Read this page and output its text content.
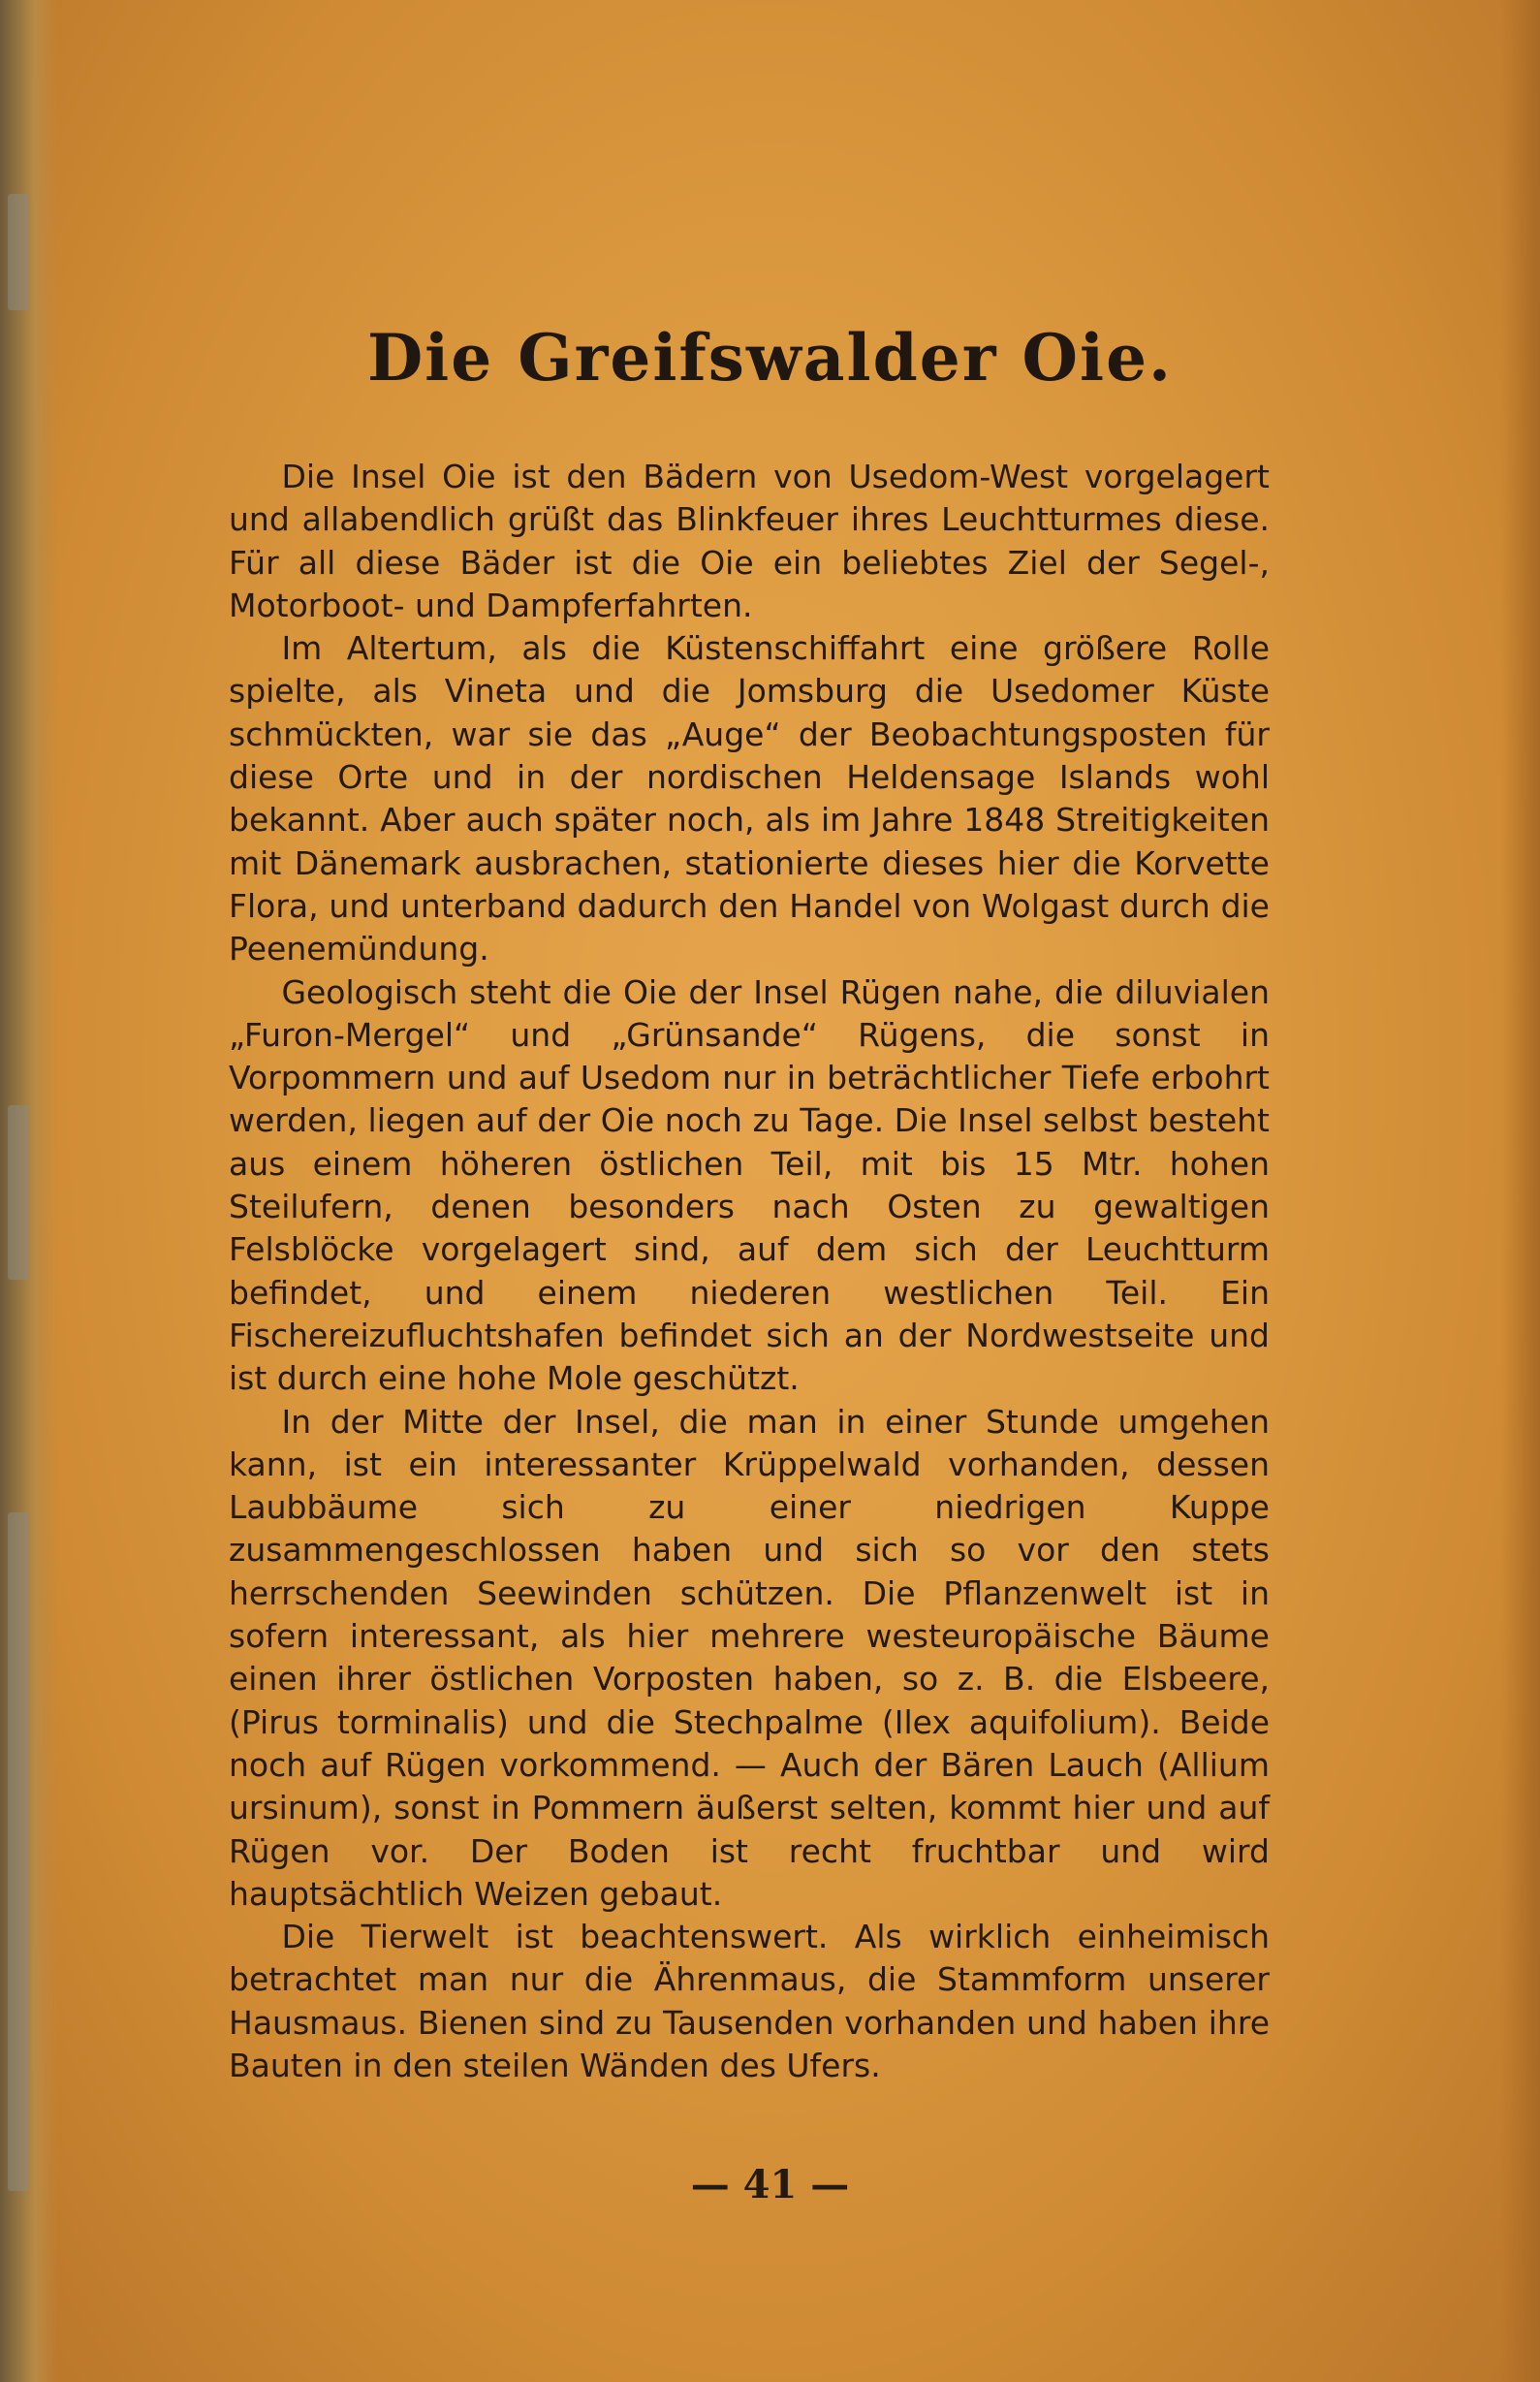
Die Greifswalder Oie.

Die Insel Oie ist den Bädern von Usedom-West vorgelagert und allabendlich grüßt das Blinkfeuer ihres Leuchtturmes diese. Für all diese Bäder ist die Oie ein beliebtes Ziel der Segel-, Motorboot- und Dampferfahrten.

Im Altertum, als die Küstenschiffahrt eine größere Rolle spielte, als Vineta und die Jomsburg die Usedomer Küste schmückten, war sie das „Auge“ der Beobachtungsposten für diese Orte und in der nordischen Heldensage Islands wohl bekannt. Aber auch später noch, als im Jahre 1848 Streitigkeiten mit Dänemark ausbrachen, stationierte dieses hier die Korvette Flora, und unterband dadurch den Handel von Wolgast durch die Peenemündung.

Geologisch steht die Oie der Insel Rügen nahe, die diluvialen „Furon-Mergel“ und „Grünsande“ Rügens, die sonst in Vorpommern und auf Usedom nur in beträchtlicher Tiefe erbohrt werden, liegen auf der Oie noch zu Tage. Die Insel selbst besteht aus einem höheren östlichen Teil, mit bis 15 Mtr. hohen Steilufern, denen besonders nach Osten zu gewaltigen Felsblöcke vorgelagert sind, auf dem sich der Leuchtturm befindet, und einem niederen westlichen Teil. Ein Fischereizufluchtshafen befindet sich an der Nordwestseite und ist durch eine hohe Mole geschützt.

In der Mitte der Insel, die man in einer Stunde umgehen kann, ist ein interessanter Krüppelwald vorhanden, dessen Laubbäume sich zu einer niedrigen Kuppe zusammengeschlossen haben und sich so vor den stets herrschenden Seewinden schützen. Die Pflanzenwelt ist in sofern interessant, als hier mehrere westeuropäische Bäume einen ihrer östlichen Vorposten haben, so z. B. die Elsbeere, (Pirus torminalis) und die Stechpalme (Ilex aquifolium). Beide noch auf Rügen vorkommend. — Auch der Bären Lauch (Allium ursinum), sonst in Pommern äußerst selten, kommt hier und auf Rügen vor. Der Boden ist recht fruchtbar und wird hauptsächtlich Weizen gebaut.

Die Tierwelt ist beachtenswert. Als wirklich einheimisch betrachtet man nur die Ährenmaus, die Stammform unserer Hausmaus. Bienen sind zu Tausenden vorhanden und haben ihre Bauten in den steilen Wänden des Ufers.

— 41 —
